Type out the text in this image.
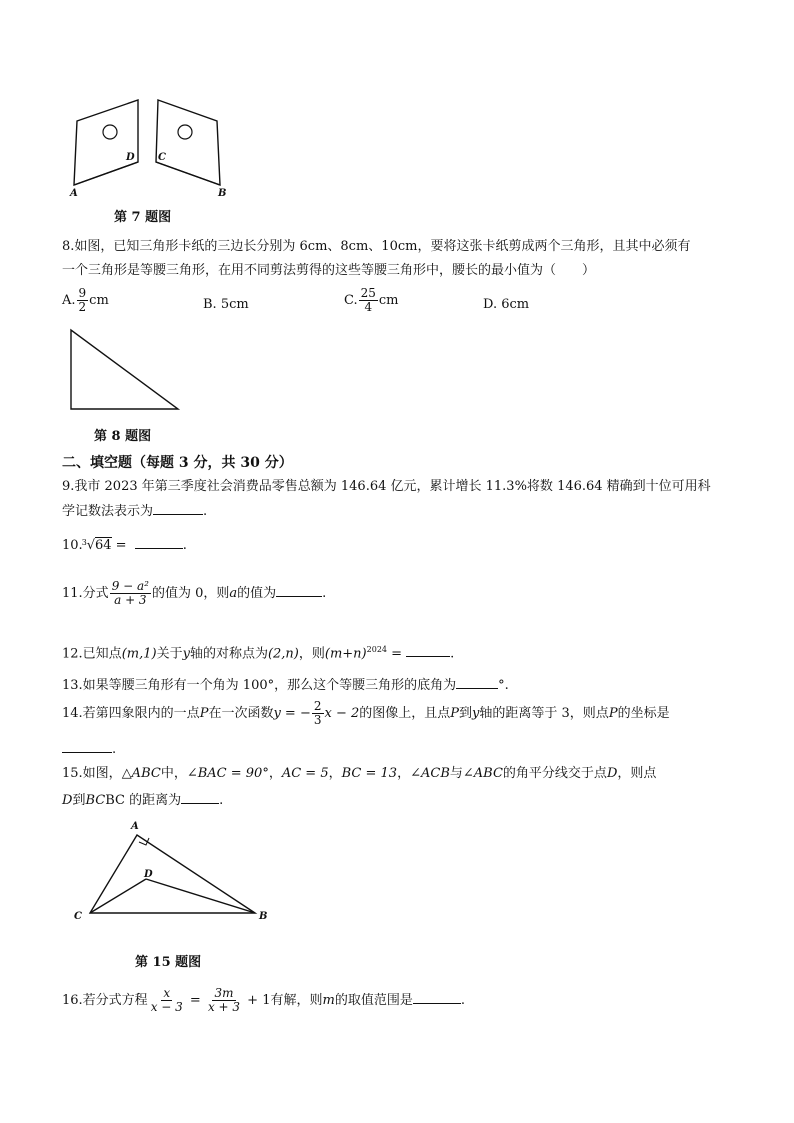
A	B
D C
第 7 题图
8.如图，已知三角形卡纸的三边长分别为 6cm、8cm、10cm，要将这张卡纸剪成两个三角形，且其中必须有
一个三角形是等腰三角形，在用不同剪法剪得的这些等腰三角形中，腰长的最小值为（　　）
A. $\frac{9}{2}$ cm	B. 5cm	C. $\frac{25}{4}$ cm	D. 6cm
第 8 题图
二、填空题（每题 3 分，共 30 分）
9.我市 2023 年第三季度社会消费品零售总额为 146.64 亿元，累计增长 11.3%将数 146.64 精确到十位可用科
学记数法表示为	.
10. 3 √64 =	.
11.分式 $\frac{\text{9 − a²}}{a + 3}$ 的值为 0，则a的值为	.
12.已知点(m,1)关于y轴的对称点为(2,n)，则$(m+n)^{2024}$ =	.
13.如果等腰三角形有一个角为 100°，那么这个等腰三角形的底角为	°.
14.若第四象限内的一点P在一次函数y = − $\frac{2}{3}$ x − 2的图像上，且点P到y轴的距离等于 3，则点P的坐标是
.
15.如图，△ABC中，∠BAC = 90°，AC = 5，BC = 13，∠ACB与∠ABC的角平分线交于点D，则点
D到BCBC 的距离为	.
A
D
C	B
第 15 题图
16.若分式方程 $\frac{x}{x - 3} = \frac{3m}{x + 3} + 1$有解，则m的取值范围是	.
